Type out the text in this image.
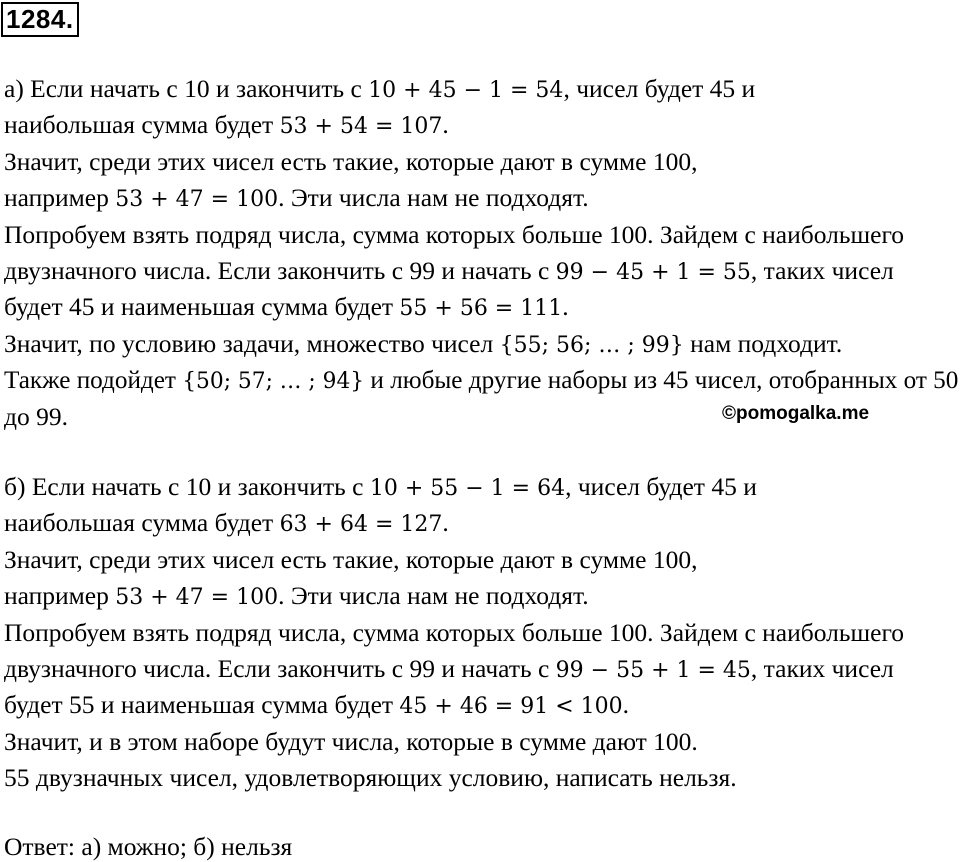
1284.
а) Если начать с 10 и закончить с 10 + 45 − 1 = 54, чисел будет 45 и
наибольшая сумма будет 53 + 54 = 107.
Значит, среди этих чисел есть такие, которые дают в сумме 100,
например 53 + 47 = 100. Эти числа нам не подходят.
Попробуем взять подряд числа, сумма которых больше 100. Зайдем с наибольшего
двузначного числа. Если закончить с 99 и начать с 99 − 45 + 1 = 55, таких чисел
будет 45 и наименьшая сумма будет 55 + 56 = 111.
Значит, по условию задачи, множество чисел {55; 56; … ; 99} нам подходит.
Также подойдет {50; 57; … ; 94} и любые другие наборы из 45 чисел, отобранных от 50
до 99.	©pomogalka.me
б) Если начать с 10 и закончить с 10 + 55 − 1 = 64, чисел будет 45 и
наибольшая сумма будет 63 + 64 = 127.
Значит, среди этих чисел есть такие, которые дают в сумме 100,
например 53 + 47 = 100. Эти числа нам не подходят.
Попробуем взять подряд числа, сумма которых больше 100. Зайдем с наибольшего
двузначного числа. Если закончить с 99 и начать с 99 − 55 + 1 = 45, таких чисел
будет 55 и наименьшая сумма будет 45 + 46 = 91 < 100.
Значит, и в этом наборе будут числа, которые в сумме дают 100.
55 двузначных чисел, удовлетворяющих условию, написать нельзя.
Ответ: а) можно; б) нельзя
